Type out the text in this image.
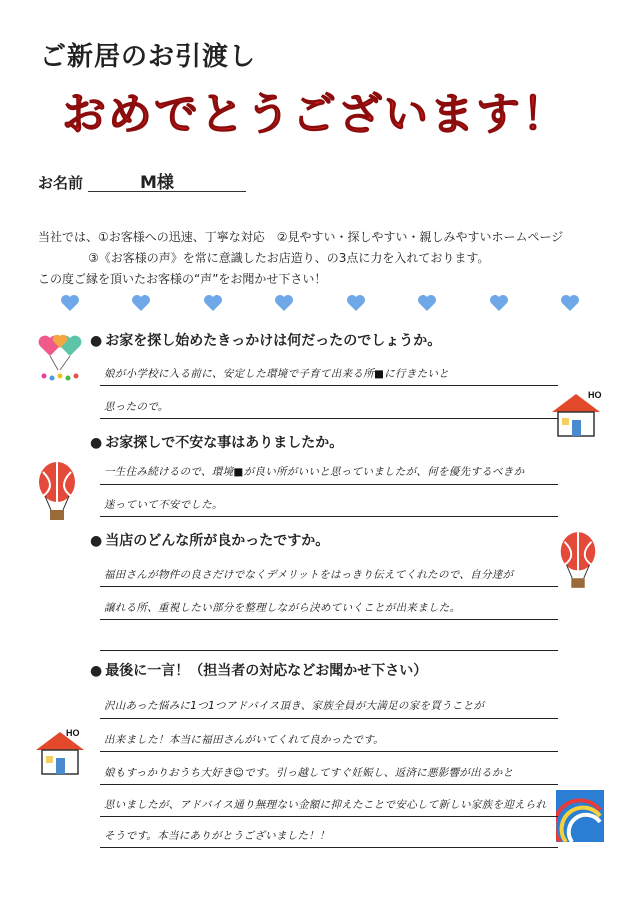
ご新居のお引渡し
おめでとうございます！
お名前	M様
当社では、①お客様への迅速、丁寧な対応　②見やすい・探しやすい・親しみやすいホームページ
③《お客様の声》を常に意識したお店造り、の3点に力を入れております。
この度ご縁を頂いたお客様の“声”をお聞かせ下さい！
HO
HO
● お家を探し始めたきっかけは何だったのでしょうか。
娘が小学校に入る前に、安定した環境で子育て出来る所■に行きたいと
思ったので。
● お家探しで不安な事はありましたか。
一生住み続けるので、環境■が良い所がいいと思っていましたが、何を優先するべきか
迷っていて不安でした。
● 当店のどんな所が良かったですか。
福田さんが物件の良さだけでなくデメリットをはっきり伝えてくれたので、自分達が
譲れる所、重視したい部分を整理しながら決めていくことが出来ました。
● 最後に一言！（担当者の対応などお聞かせ下さい）
沢山あった悩みに1つ1つアドバイス頂き、家族全員が大満足の家を買うことが
出来ました！本当に福田さんがいてくれて良かったです。
娘もすっかりおうち大好き☺です。引っ越してすぐ妊娠し、返済に悪影響が出るかと
思いましたが、アドバイス通り無理ない金額に抑えたことで安心して新しい家族を迎えられ
そうです。本当にありがとうございました！！
